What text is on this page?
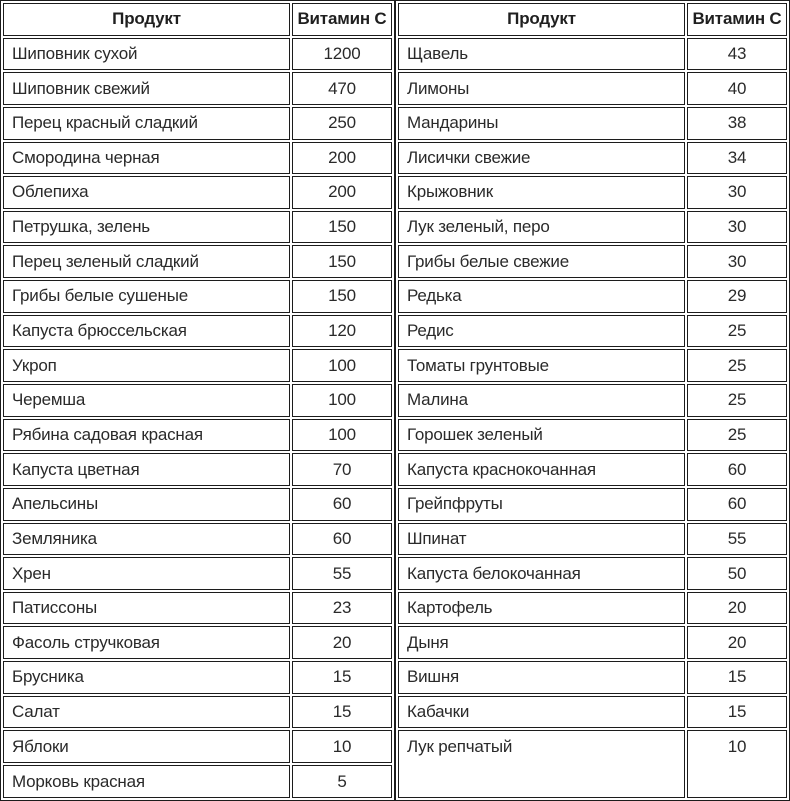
Продукт	Витамин С
Шиповник сухой	1200
Шиповник свежий	470
Перец красный сладкий	250
Смородина черная	200
Облепиха	200
Петрушка, зелень	150
Перец зеленый сладкий	150
Грибы белые сушеные	150
Капуста брюссельская	120
Укроп	100
Черемша	100
Рябина садовая красная	100
Капуста цветная	70
Апельсины	60
Земляника	60
Хрен	55
Патиссоны	23
Фасоль стручковая	20
Брусника	15
Салат	15
Яблоки	10
Морковь красная	5
Продукт	Витамин С
Щавель	43
Лимоны	40
Мандарины	38
Лисички свежие	34
Крыжовник	30
Лук зеленый, перо	30
Грибы белые свежие	30
Редька	29
Редис	25
Томаты грунтовые	25
Малина	25
Горошек зеленый	25
Капуста краснокочанная	60
Грейпфруты	60
Шпинат	55
Капуста белокочанная	50
Картофель	20
Дыня	20
Вишня	15
Кабачки	15
Лук репчатый	10
